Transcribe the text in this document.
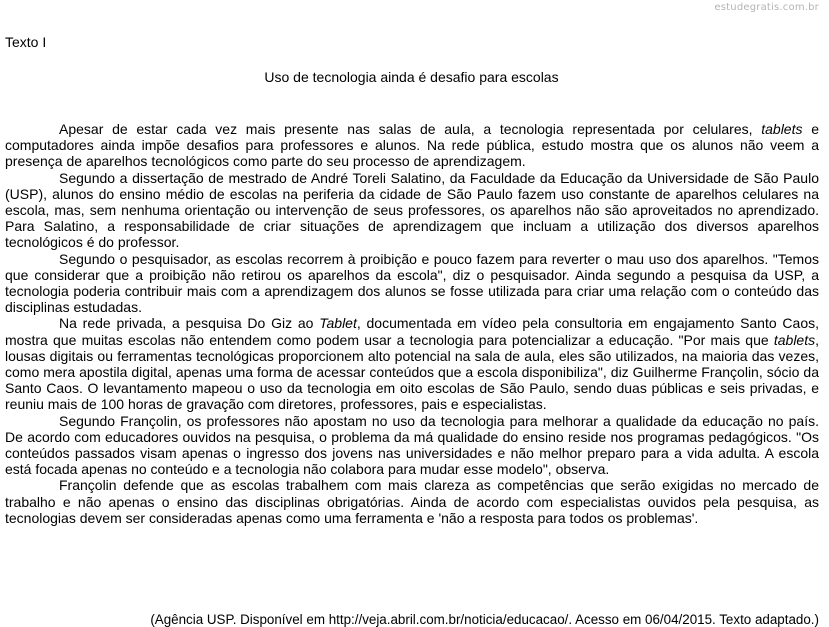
estudegratis.com.br
Texto I
Uso de tecnologia ainda é desafio para escolas

Apesar de estar cada vez mais presente nas salas de aula, a tecnologia representada por celulares, tablets e computadores ainda impõe desafios para professores e alunos. Na rede pública, estudo mostra que os alunos não veem a presença de aparelhos tecnológicos como parte do seu processo de aprendizagem.

Segundo a dissertação de mestrado de André Toreli Salatino, da Faculdade da Educação da Universidade de São Paulo (USP), alunos do ensino médio de escolas na periferia da cidade de São Paulo fazem uso constante de aparelhos celulares na escola, mas, sem nenhuma orientação ou intervenção de seus professores, os aparelhos não são aproveitados no aprendizado. Para Salatino, a responsabilidade de criar situações de aprendizagem que incluam a utilização dos diversos aparelhos tecnológicos é do professor.

Segundo o pesquisador, as escolas recorrem à proibição e pouco fazem para reverter o mau uso dos aparelhos. "Temos que considerar que a proibição não retirou os aparelhos da escola", diz o pesquisador. Ainda segundo a pesquisa da USP, a tecnologia poderia contribuir mais com a aprendizagem dos alunos se fosse utilizada para criar uma relação com o conteúdo das disciplinas estudadas.

Na rede privada, a pesquisa Do Giz ao Tablet, documentada em vídeo pela consultoria em engajamento Santo Caos, mostra que muitas escolas não entendem como podem usar a tecnologia para potencializar a educação. "Por mais que tablets, lousas digitais ou ferramentas tecnológicas proporcionem alto potencial na sala de aula, eles são utilizados, na maioria das vezes, como mera apostila digital, apenas uma forma de acessar conteúdos que a escola disponibiliza", diz Guilherme Françolin, sócio da Santo Caos. O levantamento mapeou o uso da tecnologia em oito escolas de São Paulo, sendo duas públicas e seis privadas, e reuniu mais de 100 horas de gravação com diretores, professores, pais e especialistas.

Segundo Françolin, os professores não apostam no uso da tecnologia para melhorar a qualidade da educação no país. De acordo com educadores ouvidos na pesquisa, o problema da má qualidade do ensino reside nos programas pedagógicos. "Os conteúdos passados visam apenas o ingresso dos jovens nas universidades e não melhor preparo para a vida adulta. A escola está focada apenas no conteúdo e a tecnologia não colabora para mudar esse modelo", observa.

Françolin defende que as escolas trabalhem com mais clareza as competências que serão exigidas no mercado de trabalho e não apenas o ensino das disciplinas obrigatórias. Ainda de acordo com especialistas ouvidos pela pesquisa, as tecnologias devem ser consideradas apenas como uma ferramenta e 'não a resposta para todos os problemas'.

(Agência USP. Disponível em http://veja.abril.com.br/noticia/educacao/. Acesso em 06/04/2015. Texto adaptado.)
